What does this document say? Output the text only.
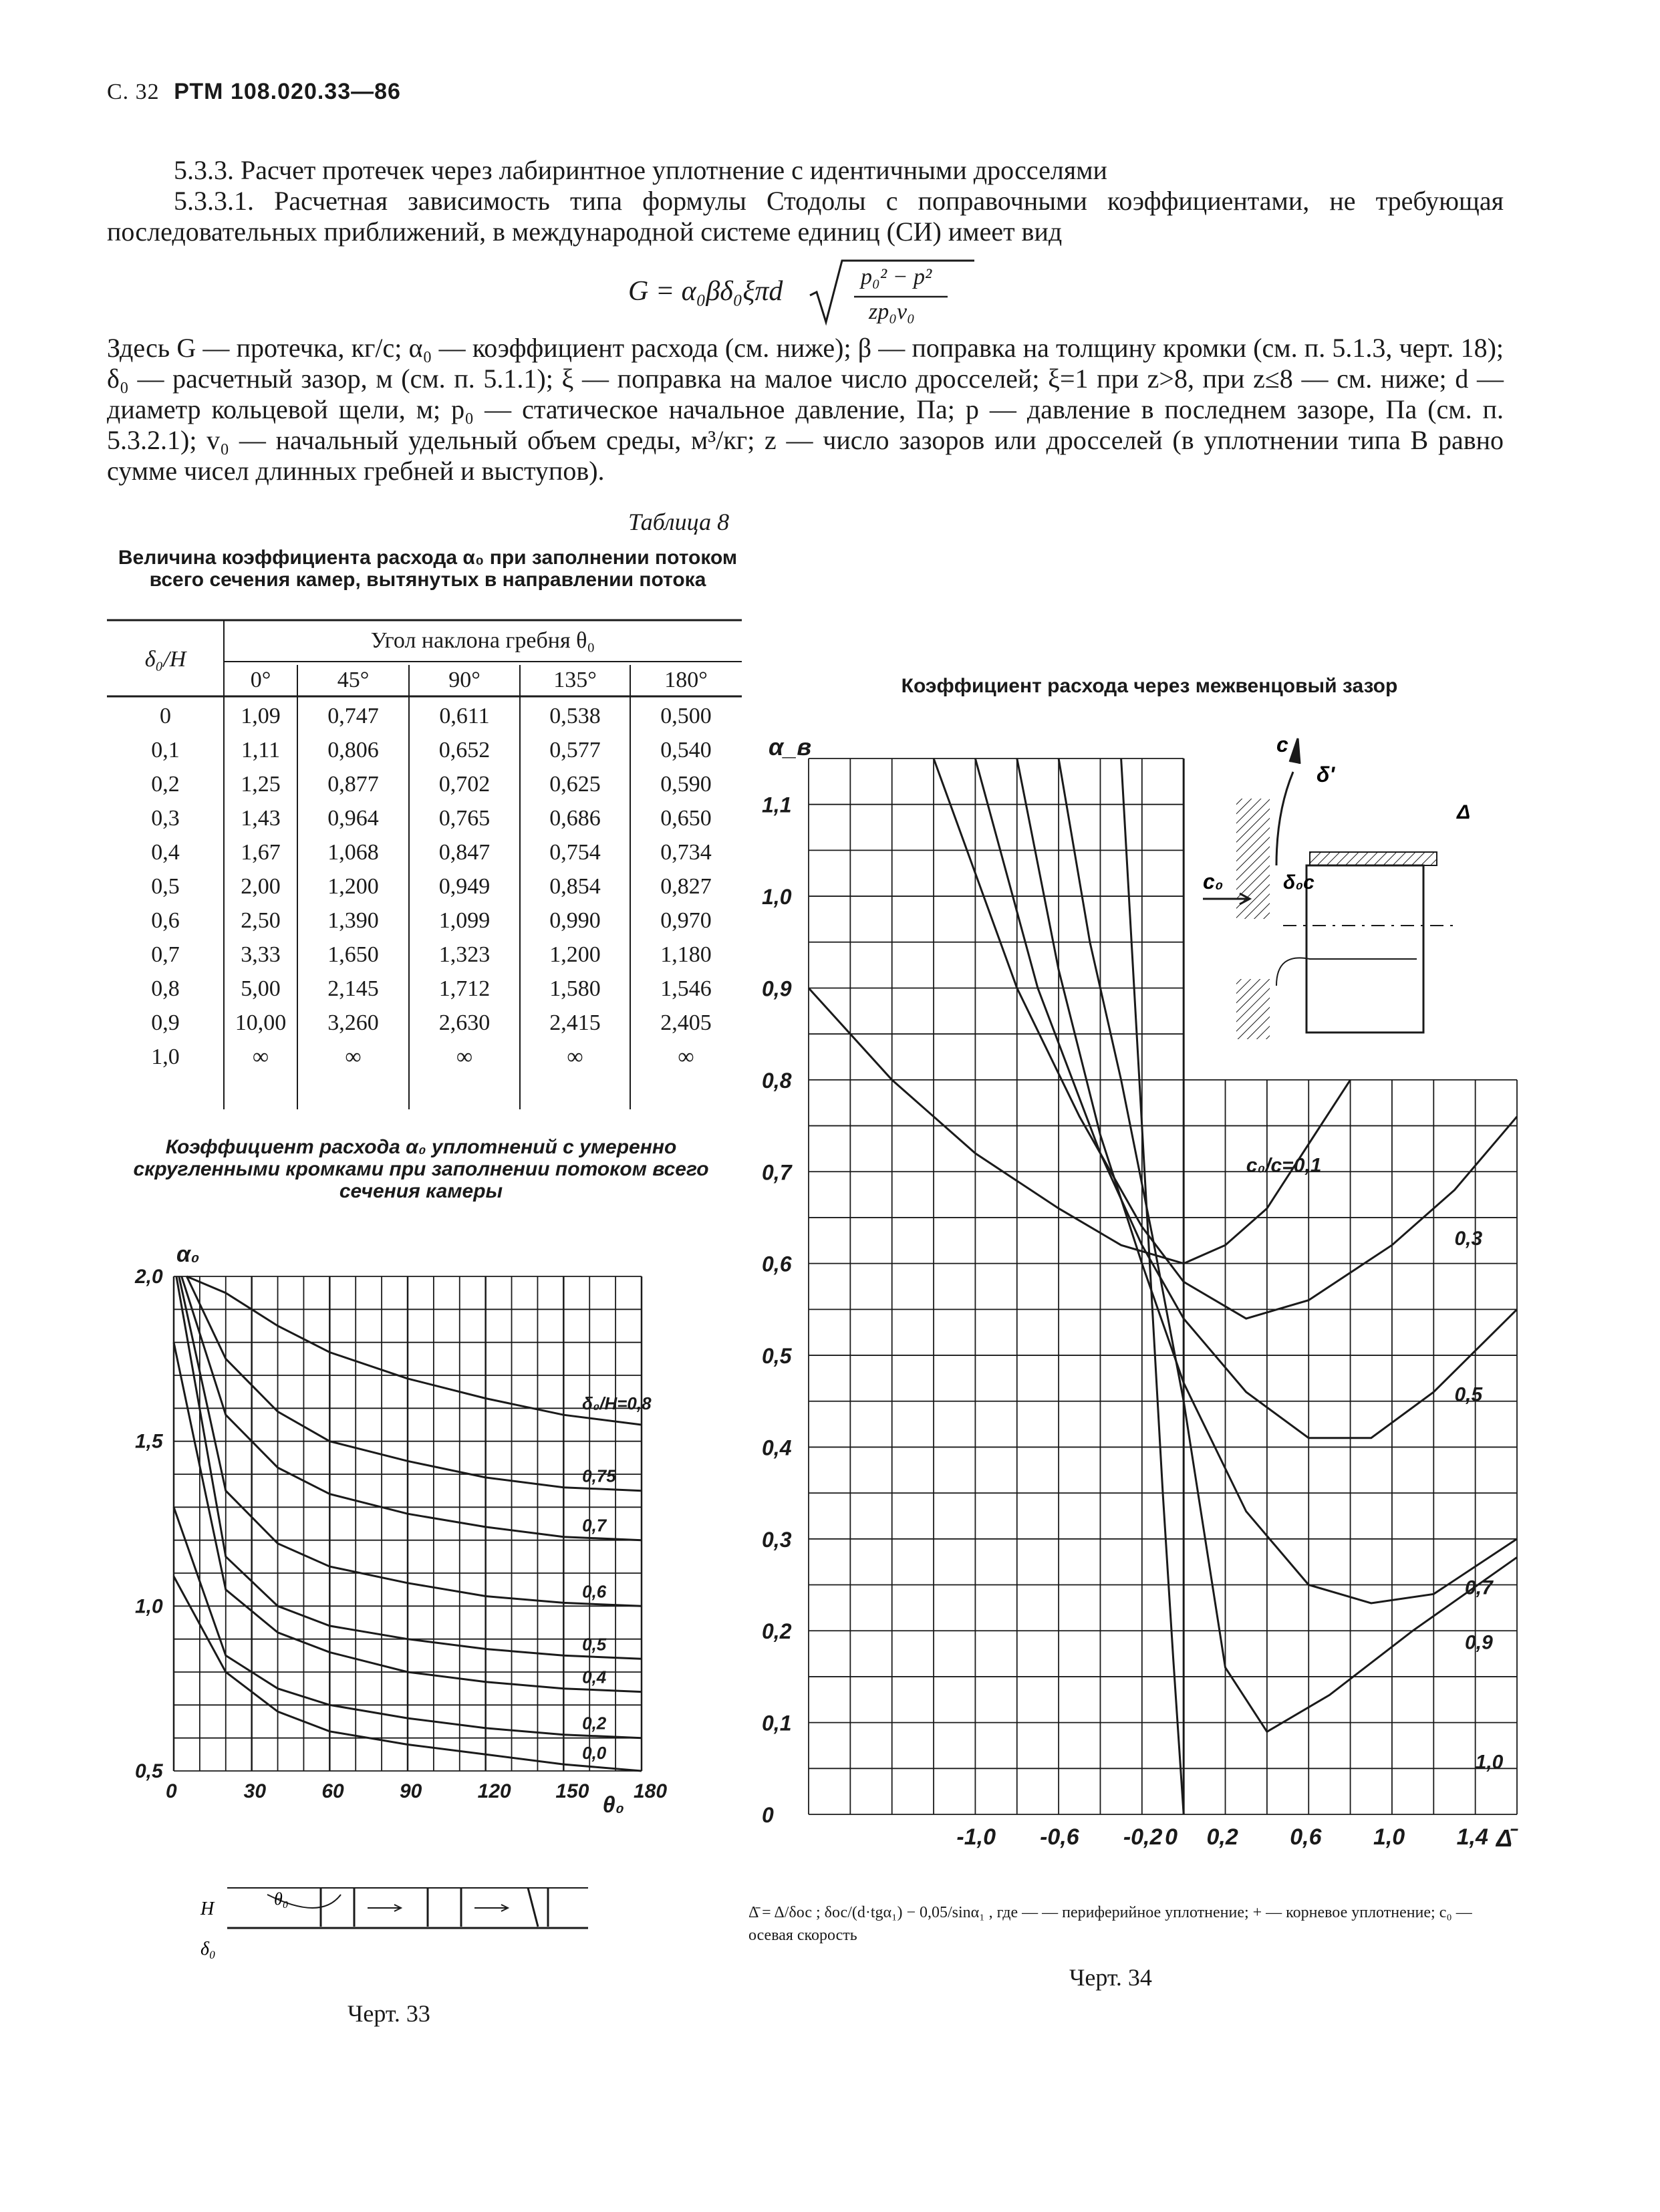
С. 32 РТМ 108.020.33—86
5.3.3. Расчет протечек через лабиринтное уплотнение с идентичными дросселями
5.3.3.1. Расчетная зависимость типа формулы Стодолы с поправочными коэффициентами, не требующая последовательных приближений, в международной системе единиц (СИ) имеет вид
G = α₀βδ₀ξπd	p₀² − p²
zp₀v₀
Здесь G — протечка, кг/с; α₀ — коэффициент расхода (см. ниже); β — поправка на толщину кромки (см. п. 5.1.3, черт. 18); δ₀ — расчетный зазор, м (см. п. 5.1.1); ξ — поправка на малое число дросселей; ξ=1 при z>8, при z≤8 — см. ниже; d — диаметр кольцевой щели, м; p₀ — статическое начальное давление, Па; p — давление в последнем зазоре, Па (см. п. 5.3.2.1); v₀ — начальный удельный объем среды, м³/кг; z — число зазоров или дросселей (в уплотнении типа В равно сумме чисел длинных гребней и выступов).
Таблица 8
Величина коэффициента расхода α₀ при заполнении потоком всего сечения камер, вытянутых в направлении потока
δ₀/H	Угол наклона гребня θ₀				
	0°	45°	90°	135°	180°
0	1,09	0,747	0,611	0,538	0,500
0,1	1,11	0,806	0,652	0,577	0,540
0,2	1,25	0,877	0,702	0,625	0,590
0,3	1,43	0,964	0,765	0,686	0,650
0,4	1,67	1,068	0,847	0,754	0,734
0,5	2,00	1,200	0,949	0,854	0,827
0,6	2,50	1,390	1,099	0,990	0,970
0,7	3,33	1,650	1,323	1,200	1,180
0,8	5,00	2,145	1,712	1,580	1,546
0,9	10,00	3,260	2,630	2,415	2,405
1,0	∞	∞	∞	∞	∞
Коэффициент расхода α₀ уплотнений с умеренно скругленными кромками при заполнении потоком всего сечения камеры
δ₀/H=0,8
0,75
0,7
0,6
0,5
0,4
0,2
0,0
0	30	60	90	120 150 180
0,5
1,0
1,5
2,0
α₀
θ₀
H
δ₀
θ₀
Черт. 33
Коэффициент расхода через межвенцовый зазор
c₀/c=0,1
0,3
0,5
0,7
0,9
1,0
-1,0 -0,6 -0,2 0 0,2 0,6 1,0 1,4
0
0,1
0,2
0,3
0,4
0,5
0,6
0,7
0,8
0,9
1,0
1,1
α_в
Δ̄
c₀
c
δ'
δ₀c
Δ
Δ̄ = Δ/δос ; δос/(d·tgα₁) − 0,05/sinα₁ , где — — периферийное уплотнение; + — корневое уплотнение; c₀ — осевая скорость
Черт. 34
